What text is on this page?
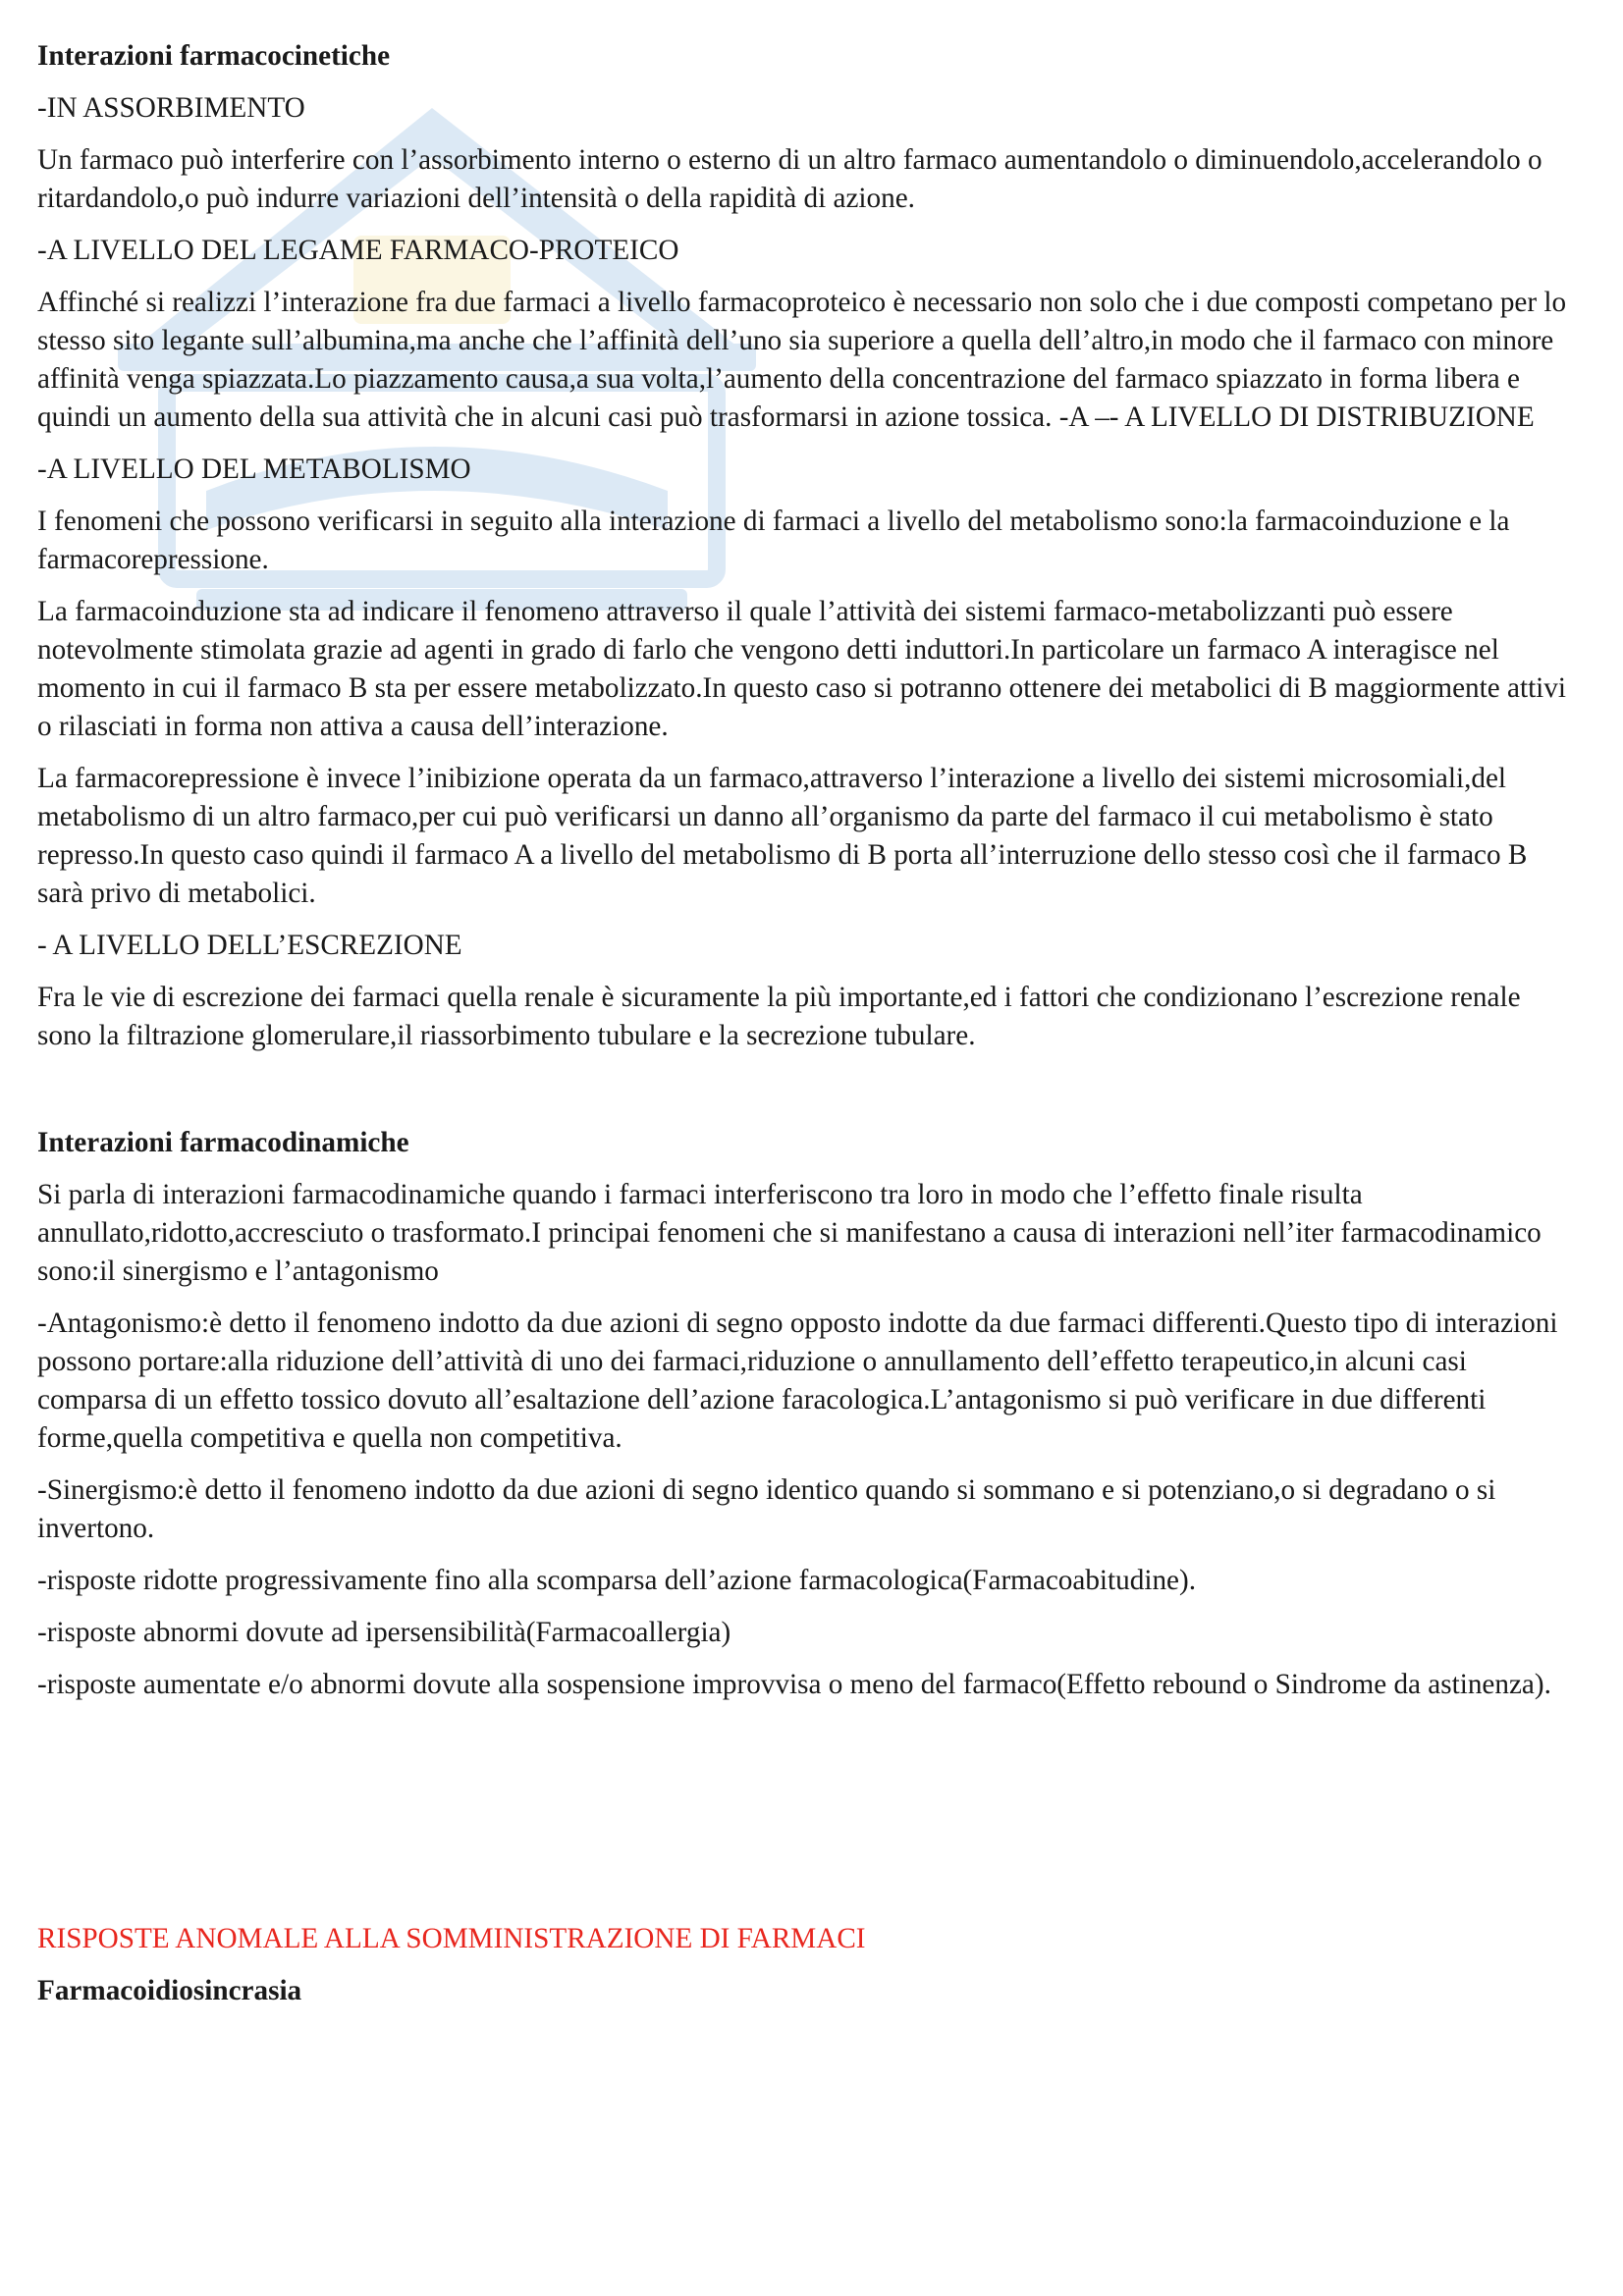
Interazioni farmacocinetiche

-IN ASSORBIMENTO

Un farmaco può interferire con l’assorbimento interno o esterno di un altro farmaco aumentandolo o diminuendolo,accelerandolo o ritardandolo,o può indurre variazioni dell’intensità o della rapidità di azione.

-A LIVELLO DEL LEGAME FARMACO-PROTEICO

Affinché si realizzi l’interazione fra due farmaci a livello farmacoproteico è necessario non solo che i due composti competano per lo stesso sito legante sull’albumina,ma anche che l’affinità dell’uno sia superiore a quella dell’altro,in modo che il farmaco con minore affinità venga spiazzata.Lo piazzamento causa,a sua volta,l’aumento della concentrazione del farmaco spiazzato in forma libera e quindi un aumento della sua attività che in alcuni casi può trasformarsi in azione tossica. -A –- A LIVELLO DI DISTRIBUZIONE

-A LIVELLO DEL METABOLISMO

I fenomeni che possono verificarsi in seguito alla interazione di farmaci a livello del metabolismo sono:la farmacoinduzione e la farmacorepressione.

La farmacoinduzione sta ad indicare il fenomeno attraverso il quale l’attività dei sistemi farmaco-metabolizzanti può essere notevolmente stimolata grazie ad agenti in grado di farlo che vengono detti induttori.In particolare un farmaco A interagisce nel momento in cui il farmaco B sta per essere metabolizzato.In questo caso si potranno ottenere dei metabolici di B maggiormente attivi o rilasciati in forma non attiva a causa dell’interazione.

La farmacorepressione è invece l’inibizione operata da un farmaco,attraverso l’interazione a livello dei sistemi microsomiali,del metabolismo di un altro farmaco,per cui può verificarsi un danno all’organismo da parte del farmaco il cui metabolismo è stato represso.In questo caso quindi il farmaco A a livello del metabolismo di B porta all’interruzione dello stesso così che il farmaco B sarà privo di metabolici.

- A LIVELLO DELL’ESCREZIONE

Fra le vie di escrezione dei farmaci quella renale è sicuramente la più importante,ed i fattori che condizionano l’escrezione renale sono la filtrazione glomerulare,il riassorbimento tubulare e la secrezione tubulare.

Interazioni farmacodinamiche

Si parla di interazioni farmacodinamiche quando i farmaci interferiscono tra loro in modo che l’effetto finale risulta annullato,ridotto,accresciuto o trasformato.I principai fenomeni che si manifestano a causa di interazioni nell’iter farmacodinamico sono:il sinergismo e l’antagonismo

-Antagonismo:è detto il fenomeno indotto da due azioni di segno opposto indotte da due farmaci differenti.Questo tipo di interazioni possono portare:alla riduzione dell’attività di uno dei farmaci,riduzione o annullamento dell’effetto terapeutico,in alcuni casi comparsa di un effetto tossico dovuto all’esaltazione dell’azione faracologica.L’antagonismo si può verificare in due differenti forme,quella competitiva e quella non competitiva.

-Sinergismo:è detto il fenomeno indotto da due azioni di segno identico quando si sommano e si potenziano,o si degradano o si invertono.

-risposte ridotte progressivamente fino alla scomparsa dell’azione farmacologica(Farmacoabitudine).

-risposte abnormi dovute ad ipersensibilità(Farmacoallergia)

-risposte aumentate e/o abnormi dovute alla sospensione improvvisa o meno del farmaco(Effetto rebound o Sindrome da astinenza).

RISPOSTE ANOMALE ALLA SOMMINISTRAZIONE DI FARMACI

Farmacoidiosincrasia
